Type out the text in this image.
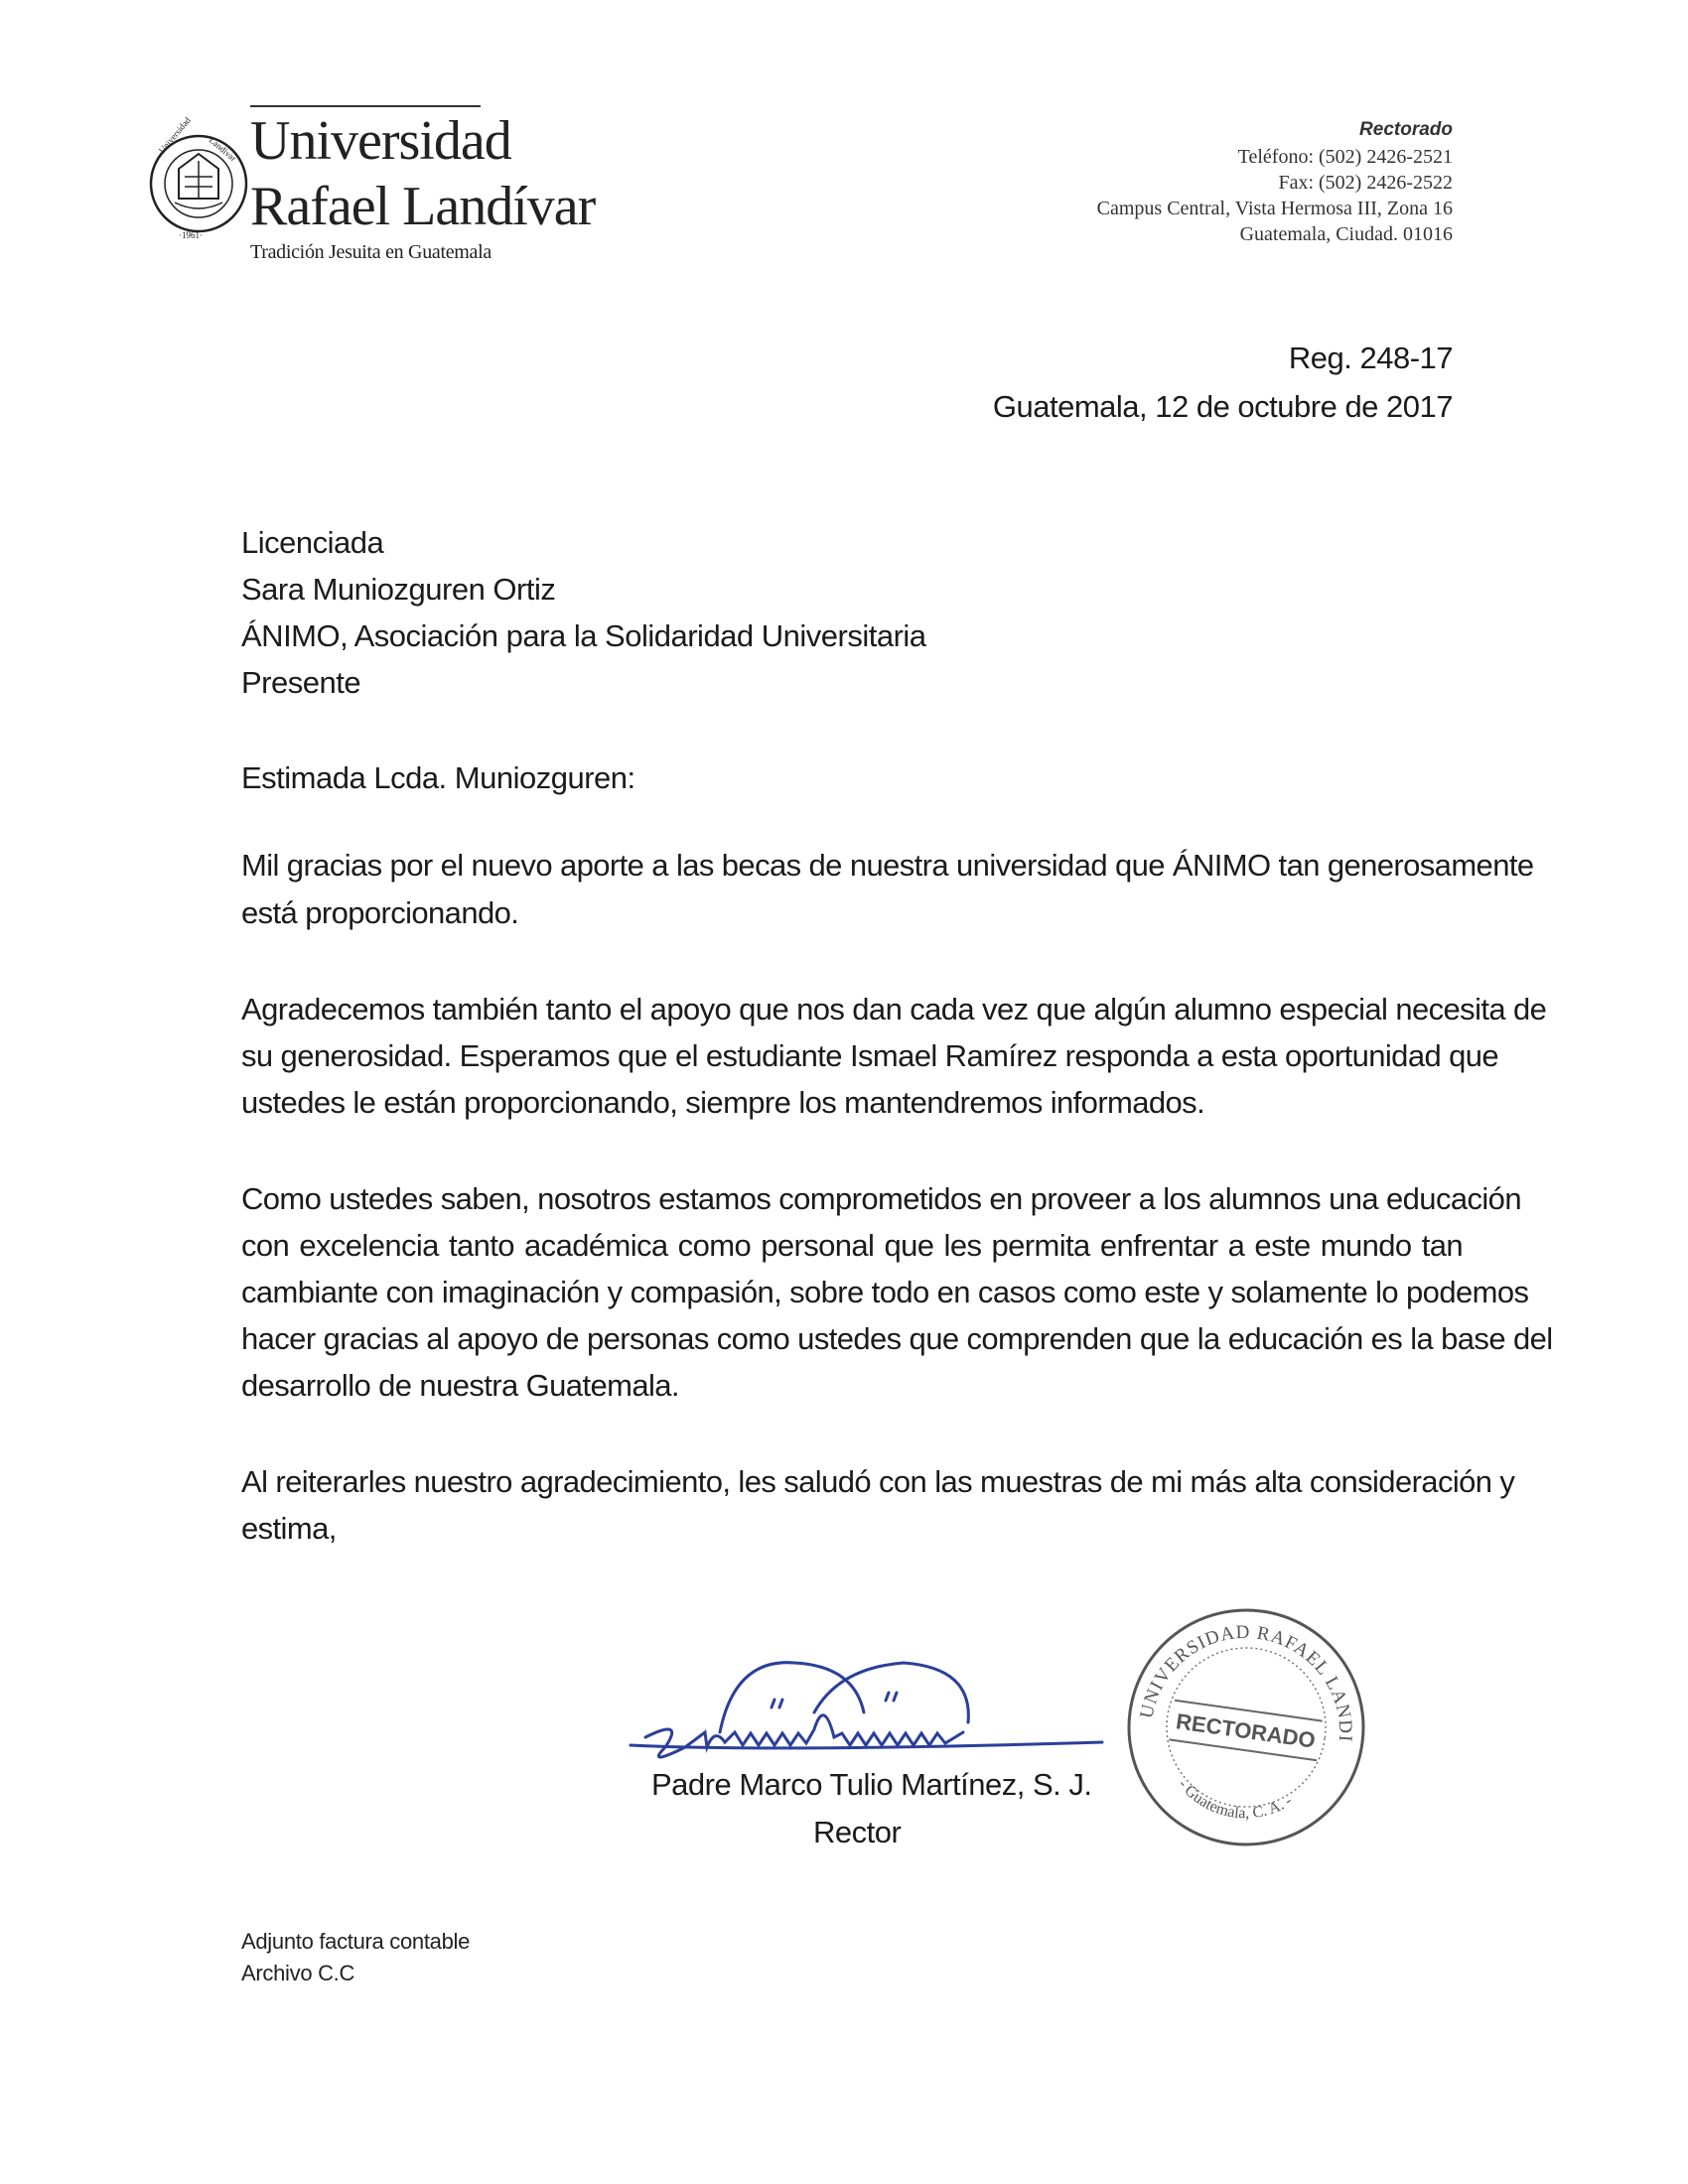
Universidad Landivar
·1961·
Universidad
Rafael Landívar
Tradición Jesuita en Guatemala
Rectorado
Teléfono: (502) 2426-2521
Fax: (502) 2426-2522
Campus Central, Vista Hermosa III, Zona 16
Guatemala, Ciudad. 01016
Reg. 248-17
Guatemala, 12 de octubre de 2017
Licenciada
Sara Muniozguren Ortiz
ÁNIMO, Asociación para la Solidaridad Universitaria
Presente
Estimada Lcda. Muniozguren:
Mil gracias por el nuevo aporte a las becas de nuestra universidad que ÁNIMO tan generosamente
está proporcionando.
Agradecemos también tanto el apoyo que nos dan cada vez que algún alumno especial necesita de
su generosidad. Esperamos que el estudiante Ismael Ramírez responda a esta oportunidad que
ustedes le están proporcionando, siempre los mantendremos informados.
Como ustedes saben, nosotros estamos comprometidos en proveer a los alumnos una educación
con excelencia tanto académica como personal que les permita enfrentar a este mundo tan
cambiante con imaginación y compasión, sobre todo en casos como este y solamente lo podemos
hacer gracias al apoyo de personas como ustedes que comprenden que la educación es la base del
desarrollo de nuestra Guatemala.
Al reiterarles nuestro agradecimiento, les saludó con las muestras de mi más alta consideración y
estima,
Padre Marco Tulio Martínez, S. J.
Rector
UNIVERSIDAD RAFAEL LANDIVAR
- Guatemala, C. A. -
RECTORADO
Adjunto factura contable
Archivo C.C
